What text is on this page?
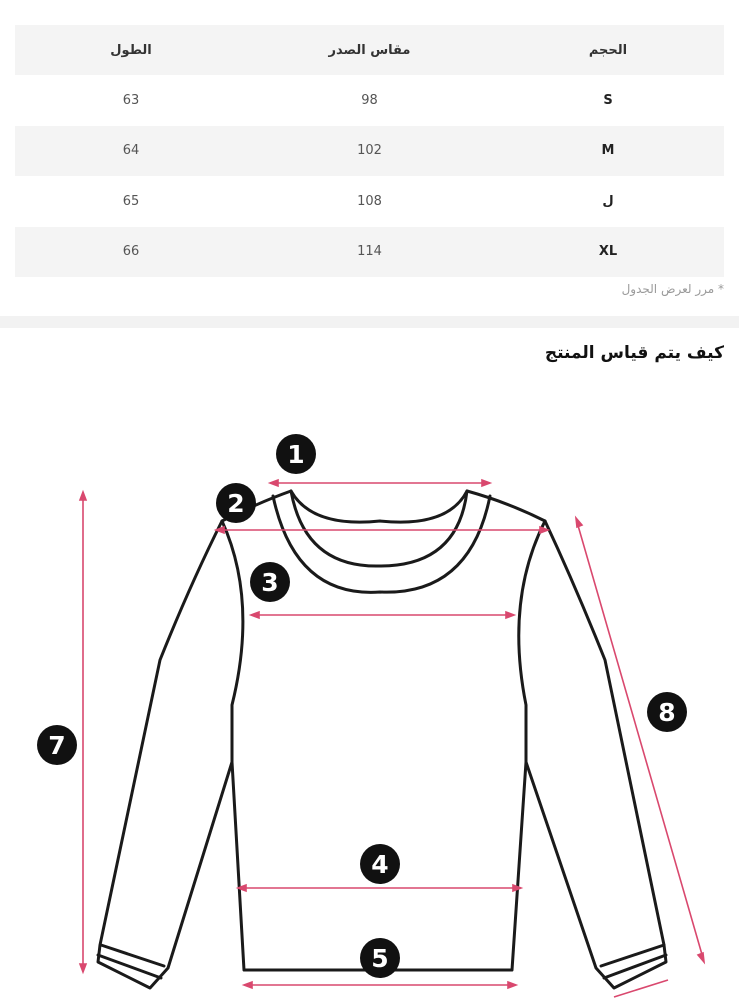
الحجم	مقاس الصدر	الطول
S	98	63
M	102	64
ل	108	65
XL	114	66
* مرر لعرض الجدول
كيف يتم قياس المنتج
1
2
3
4
5
7
8
